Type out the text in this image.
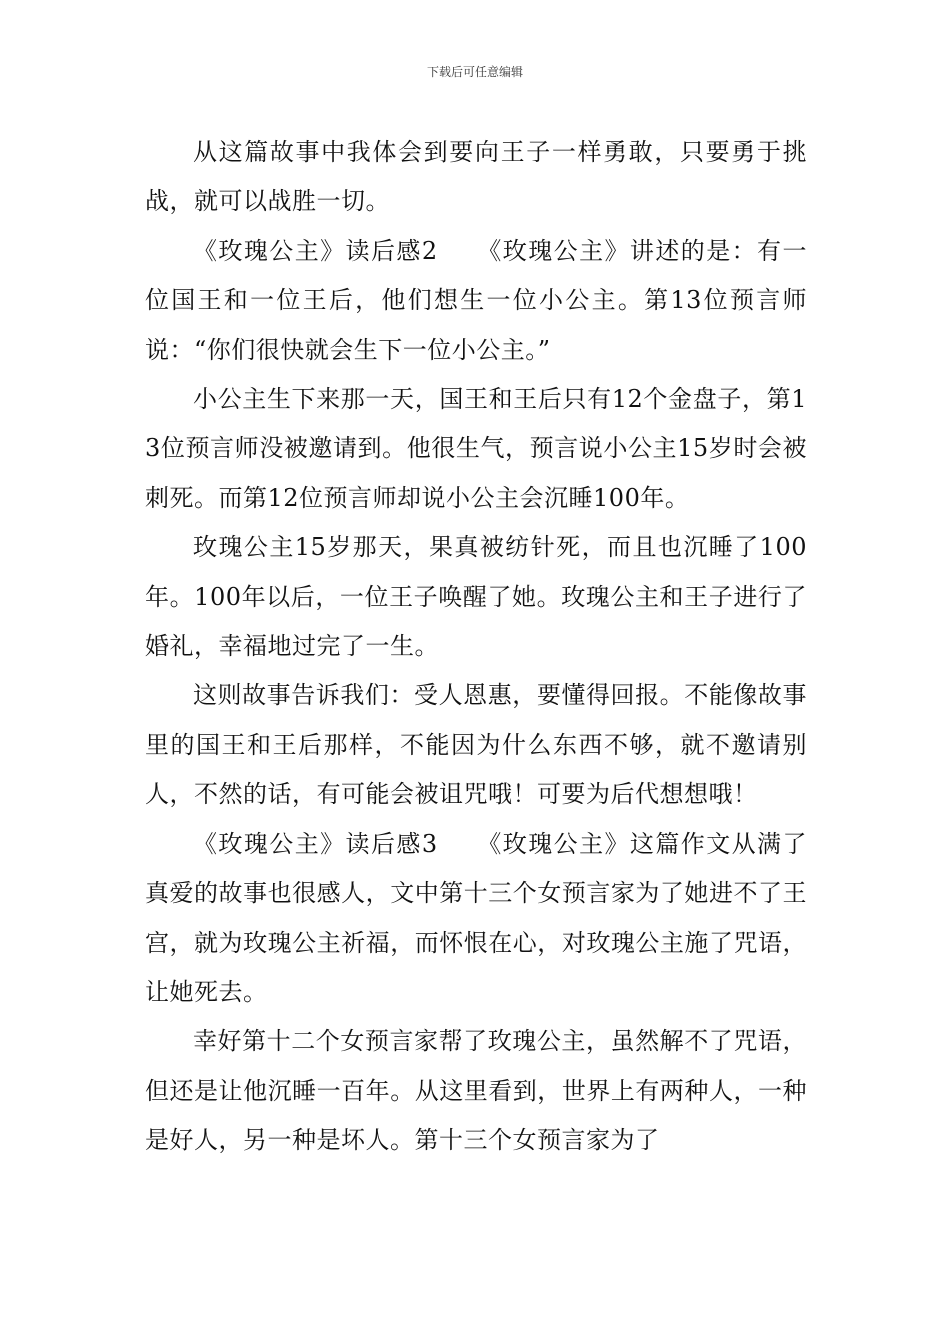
下载后可任意编辑

从这篇故事中我体会到要向王子一样勇敢，只要勇于挑战，就可以战胜一切。

《玫瑰公主》读后感2　　《玫瑰公主》讲述的是：有一位国王和一位王后，他们想生一位小公主。第13位预言师说：“你们很快就会生下一位小公主。”

小公主生下来那一天，国王和王后只有12个金盘子，第13位预言师没被邀请到。他很生气，预言说小公主15岁时会被刺死。而第12位预言师却说小公主会沉睡100年。

玫瑰公主15岁那天，果真被纺针死，而且也沉睡了100年。100年以后，一位王子唤醒了她。玫瑰公主和王子进行了婚礼，幸福地过完了一生。

这则故事告诉我们：受人恩惠，要懂得回报。不能像故事里的国王和王后那样，不能因为什么东西不够，就不邀请别人，不然的话，有可能会被诅咒哦！可要为后代想想哦！

《玫瑰公主》读后感3　　《玫瑰公主》这篇作文从满了真爱的故事也很感人，文中第十三个女预言家为了她进不了王宫，就为玫瑰公主祈福，而怀恨在心，对玫瑰公主施了咒语，让她死去。

幸好第十二个女预言家帮了玫瑰公主，虽然解不了咒语，但还是让他沉睡一百年。从这里看到，世界上有两种人，一种是好人，另一种是坏人。第十三个女预言家为了
